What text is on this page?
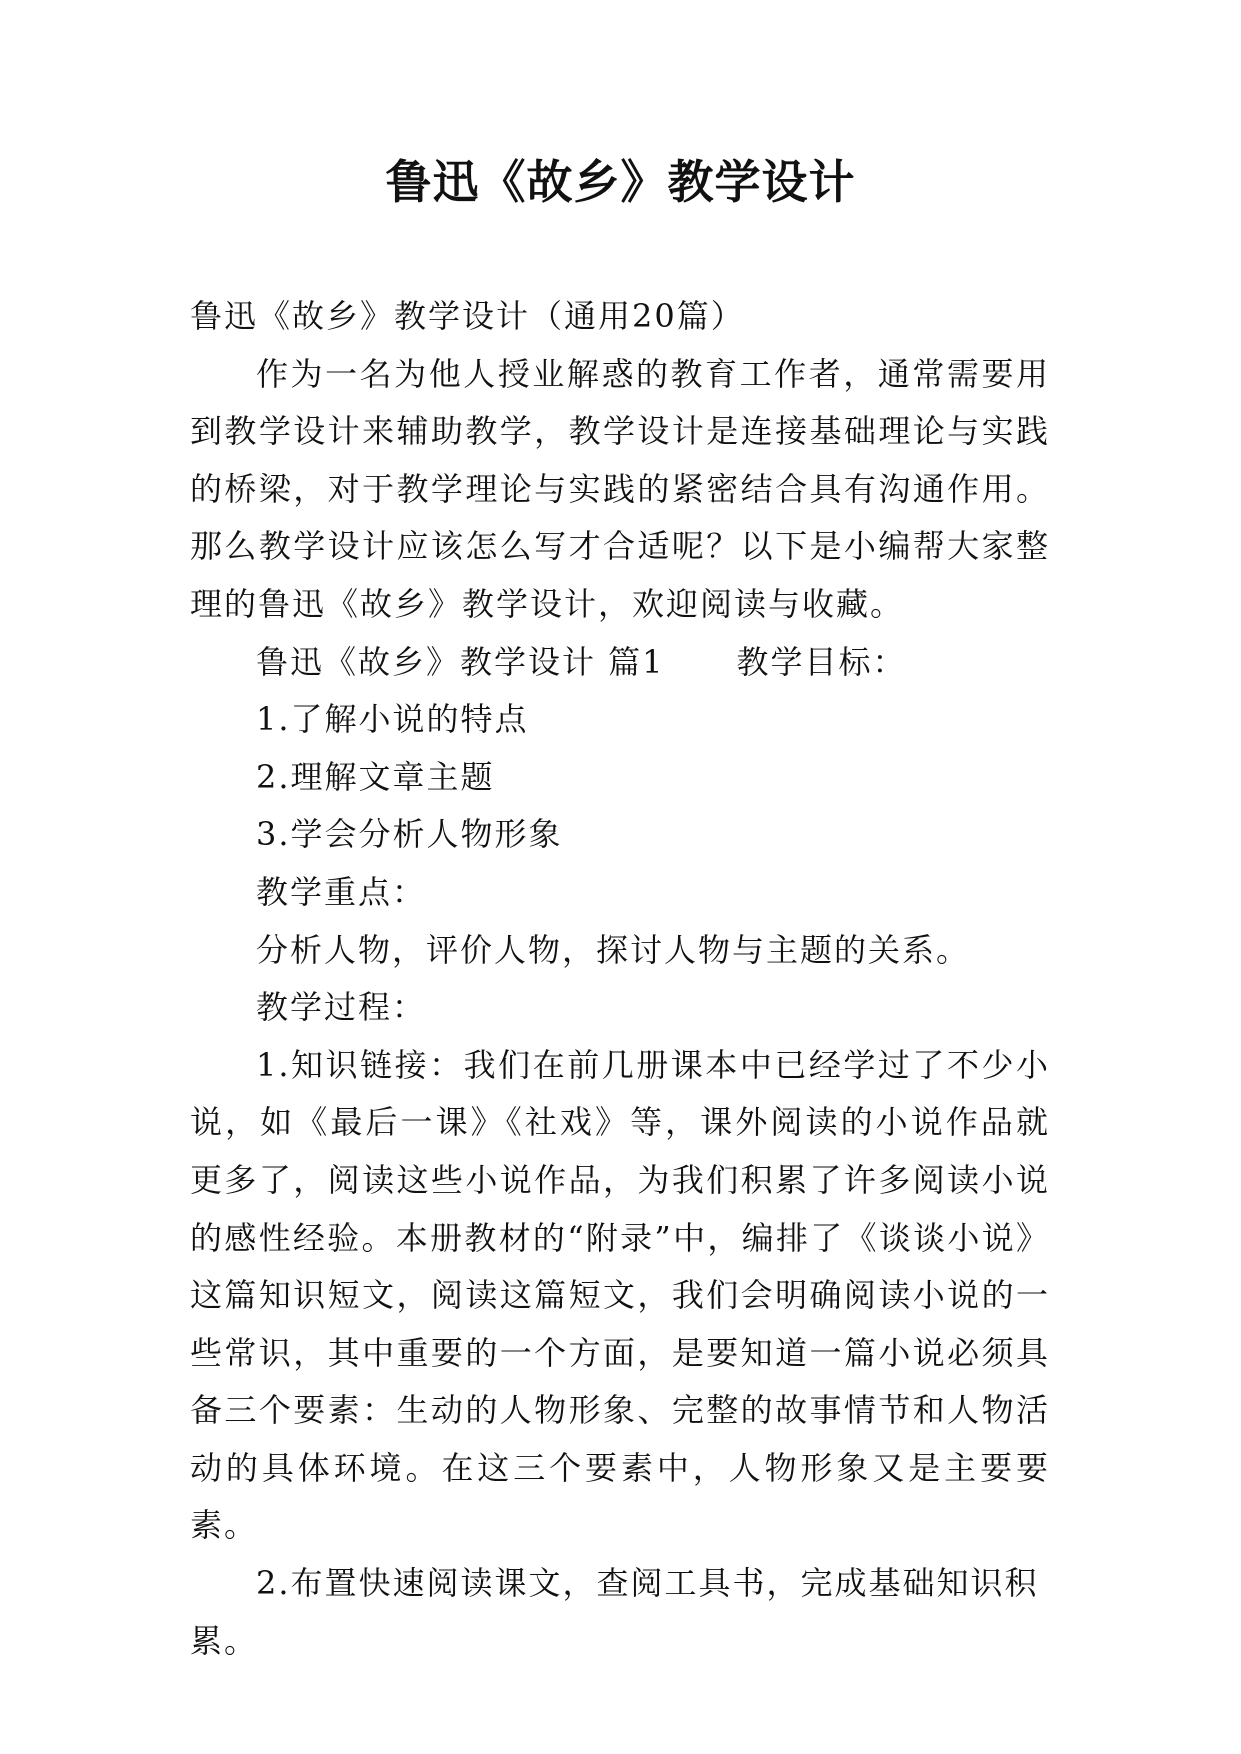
鲁迅《故乡》教学设计

鲁迅《故乡》教学设计（通用20篇）

作为一名为他人授业解惑的教育工作者，通常需要用到教学设计来辅助教学，教学设计是连接基础理论与实践的桥梁，对于教学理论与实践的紧密结合具有沟通作用。那么教学设计应该怎么写才合适呢？以下是小编帮大家整理的鲁迅《故乡》教学设计，欢迎阅读与收藏。

鲁迅《故乡》教学设计 篇1 教学目标：

1.了解小说的特点

2.理解文章主题

3.学会分析人物形象

教学重点：

分析人物，评价人物，探讨人物与主题的关系。

教学过程：

1.知识链接：我们在前几册课本中已经学过了不少小说，如《最后一课》《社戏》等，课外阅读的小说作品就更多了，阅读这些小说作品，为我们积累了许多阅读小说的感性经验。本册教材的“附录”中，编排了《谈谈小说》这篇知识短文，阅读这篇短文，我们会明确阅读小说的一些常识，其中重要的一个方面，是要知道一篇小说必须具备三个要素：生动的人物形象、完整的故事情节和人物活动的具体环境。在这三个要素中，人物形象又是主要要素。

2.布置快速阅读课文，查阅工具书，完成基础知识积累。
